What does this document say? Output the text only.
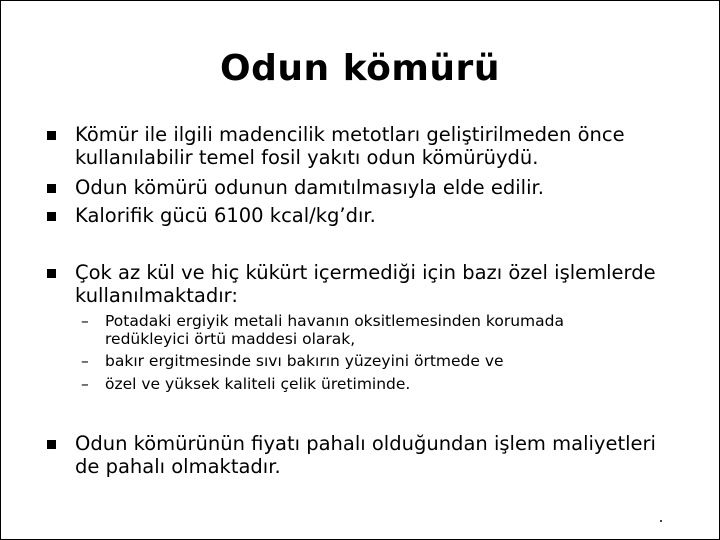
Odun kömürü
Kömür ile ilgili madencilik metotları geliştirilmeden önce kullanılabilir temel fosil yakıtı odun kömürüydü.
Odun kömürü odunun damıtılmasıyla elde edilir.
Kalorifik gücü 6100 kcal/kg’dır.
Çok az kül ve hiç kükürt içermediği için bazı özel işlemlerde kullanılmaktadır:
– Potadaki ergiyik metali havanın oksitlemesinden korumada redükleyici örtü maddesi olarak,
– bakır ergitmesinde sıvı bakırın yüzeyini örtmede ve
– özel ve yüksek kaliteli çelik üretiminde.
Odun kömürünün fiyatı pahalı olduğundan işlem maliyetleri de pahalı olmaktadır.
